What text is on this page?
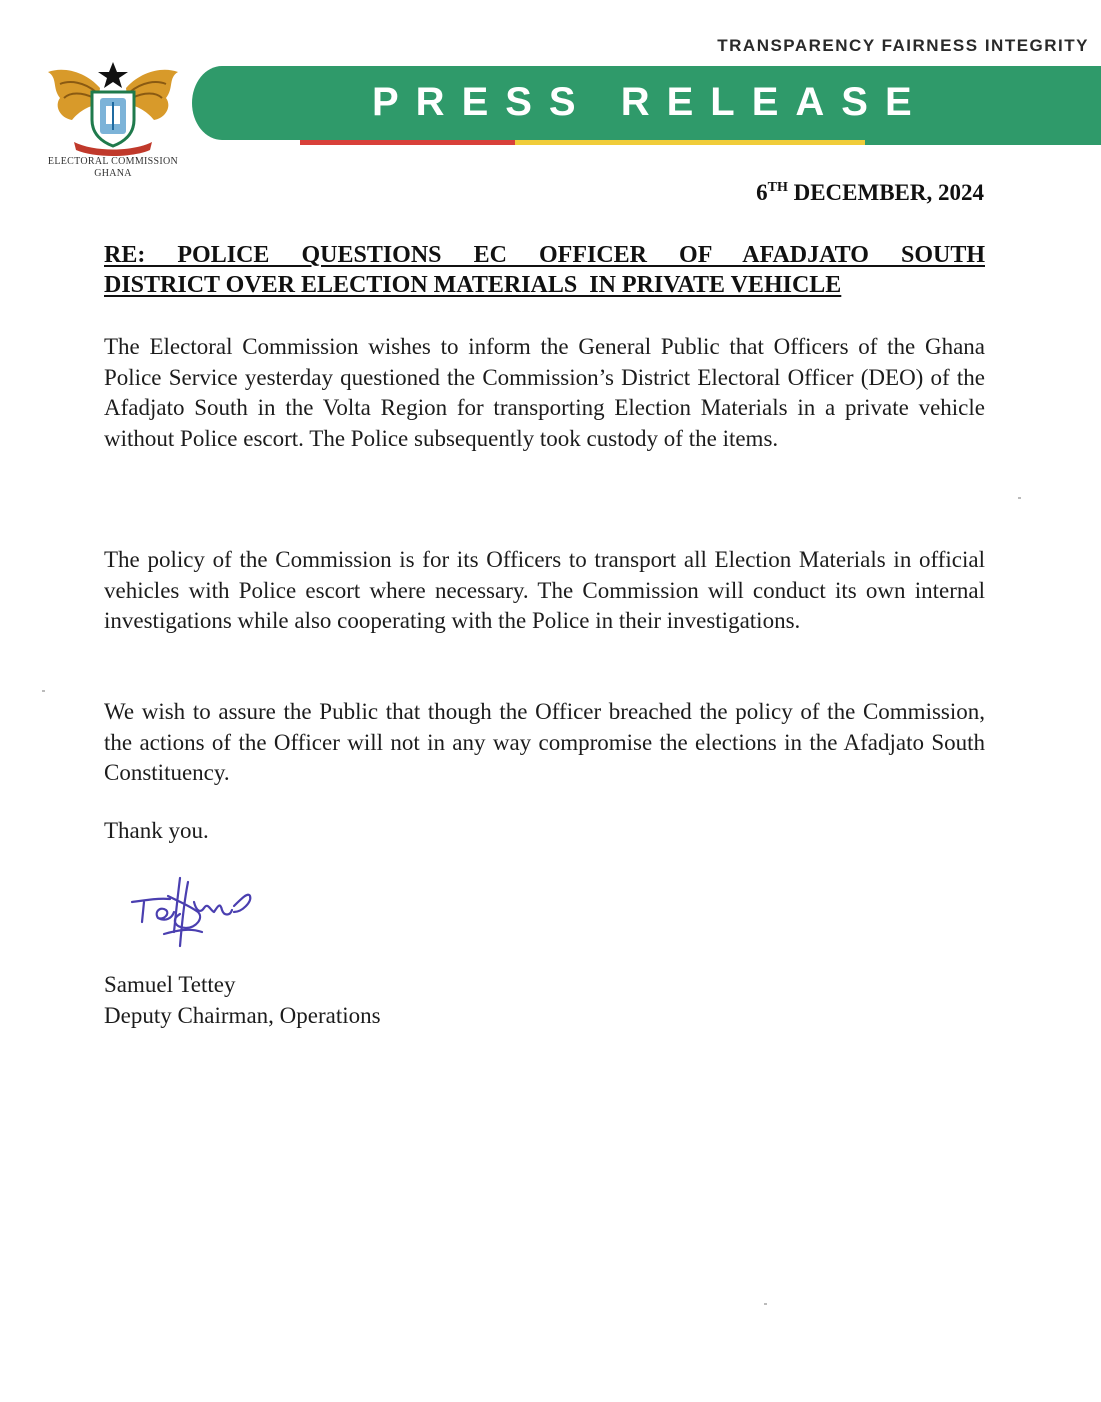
TRANSPARENCY FAIRNESS INTEGRITY
PRESS RELEASE
ELECTORAL COMMISSION
GHANA
6TH DECEMBER, 2024
RE: POLICE QUESTIONS EC OFFICER OF AFADJATO SOUTH
DISTRICT OVER ELECTION MATERIALS  IN PRIVATE VEHICLE

The Electoral Commission wishes to inform the General Public that Officers of the Ghana Police Service yesterday questioned the Commission’s District Electoral Officer (DEO) of the Afadjato South in the Volta Region for transporting Election Materials in a private vehicle without Police escort. The Police subsequently took custody of the items.

The policy of the Commission is for its Officers to transport all Election Materials in official vehicles with Police escort where necessary. The Commission will conduct its own internal investigations while also cooperating with the Police in their investigations.

We wish to assure the Public that though the Officer breached the policy of the Commission, the actions of the Officer will not in any way compromise the elections in the Afadjato South Constituency.

Thank you.
Samuel Tettey
Deputy Chairman, Operations
